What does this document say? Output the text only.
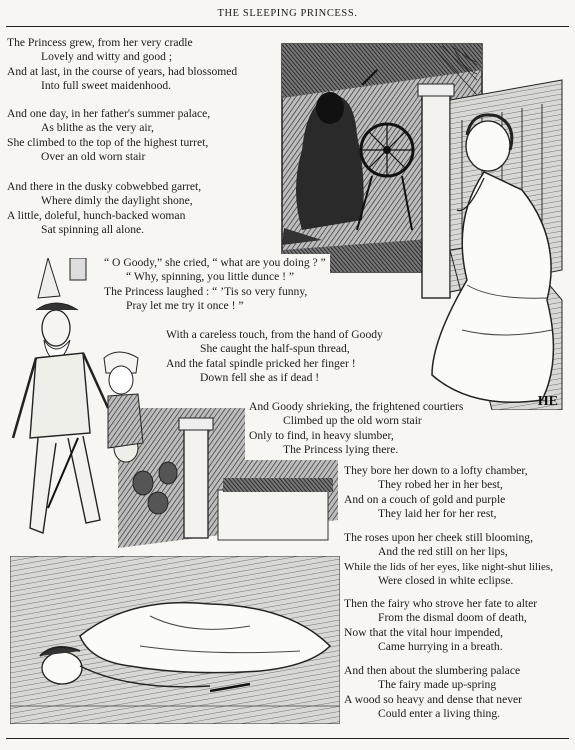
THE SLEEPING PRINCESS.
HE
The Princess grew, from her very cradle
Lovely and witty and good ;
And at last, in the course of years, had blossomed
Into full sweet maidenhood.
And one day, in her father's summer palace,
As blithe as the very air,
She climbed to the top of the highest turret,
Over an old worn stair
And there in the dusky cobwebbed garret,
Where dimly the daylight shone,
A little, doleful, hunch-backed woman
Sat spinning all alone.
“ O Goody,” she cried, “ what are you doing ? ”
“ Why, spinning, you little dunce ! ”
The Princess laughed : “ ’Tis so very funny,
Pray let me try it once ! ”
With a careless touch, from the hand of Goody
She caught the half-spun thread,
And the fatal spindle pricked her finger !
Down fell she as if dead !
And Goody shrieking, the frightened courtiers
Climbed up the old worn stair
Only to find, in heavy slumber,
The Princess lying there.
They bore her down to a lofty chamber,
They robed her in her best,
And on a couch of gold and purple
They laid her for her rest,
The roses upon her cheek still blooming,
And the red still on her lips,
While the lids of her eyes, like night-shut lilies,
Were closed in white eclipse.
Then the fairy who strove her fate to alter
From the dismal doom of death,
Now that the vital hour impended,
Came hurrying in a breath.
And then about the slumbering palace
The fairy made up-spring
A wood so heavy and dense that never
Could enter a living thing.
